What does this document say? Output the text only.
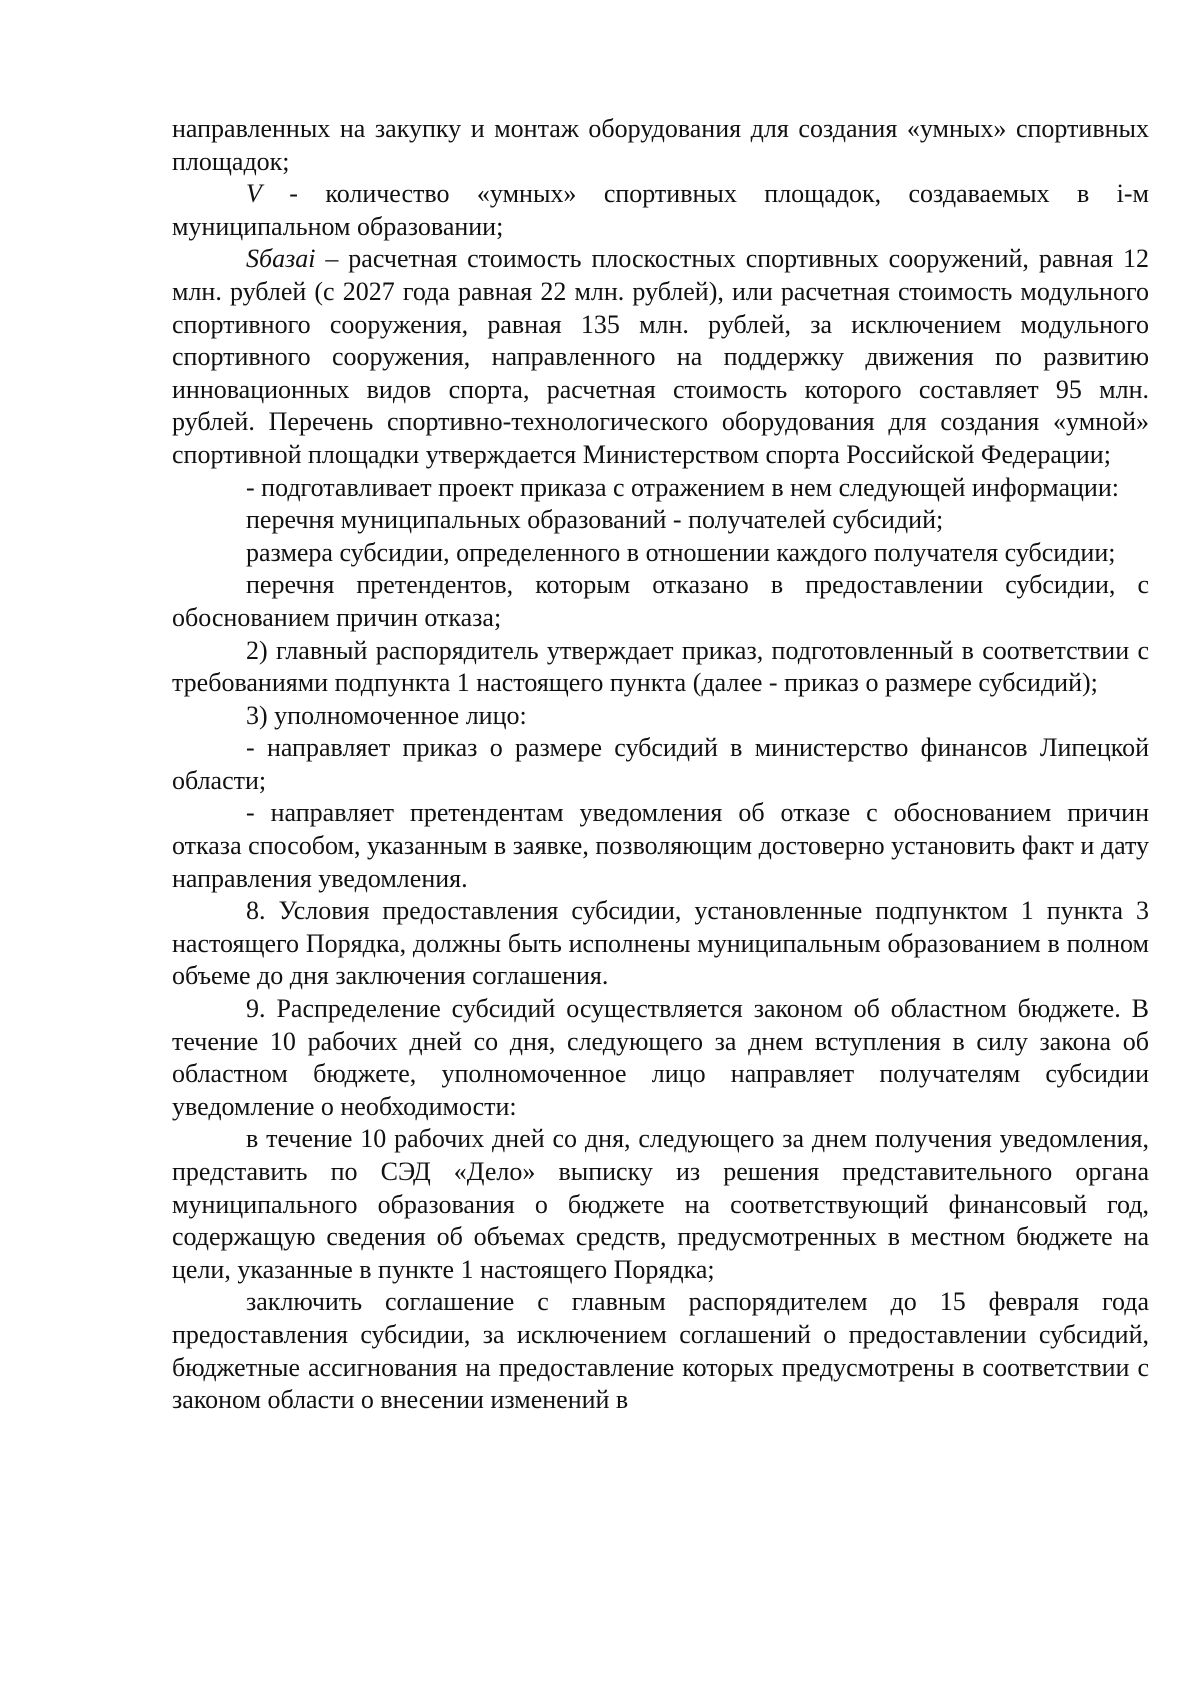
направленных на закупку и монтаж оборудования для создания «умных» спортивных площадок;

V - количество «умных» спортивных площадок, создаваемых в i-м муниципальном образовании;

Sбазаi – расчетная стоимость плоскостных спортивных сооружений, равная 12 млн. рублей (с 2027 года равная 22 млн. рублей), или расчетная стоимость модульного спортивного сооружения, равная 135 млн. рублей, за исключением модульного спортивного сооружения, направленного на поддержку движения по развитию инновационных видов спорта, расчетная стоимость которого составляет 95 млн. рублей. Перечень спортивно-технологического оборудования для создания «умной» спортивной площадки утверждается Министерством спорта Российской Федерации;

- подготавливает проект приказа с отражением в нем следующей информации:

перечня муниципальных образований - получателей субсидий;

размера субсидии, определенного в отношении каждого получателя субсидии;

перечня претендентов, которым отказано в предоставлении субсидии, с обоснованием причин отказа;

2) главный распорядитель утверждает приказ, подготовленный в соответствии с требованиями подпункта 1 настоящего пункта (далее - приказ о размере субсидий);

3) уполномоченное лицо:

- направляет приказ о размере субсидий в министерство финансов Липецкой области;

- направляет претендентам уведомления об отказе с обоснованием причин отказа способом, указанным в заявке, позволяющим достоверно установить факт и дату направления уведомления.

8. Условия предоставления субсидии, установленные подпунктом 1 пункта 3 настоящего Порядка, должны быть исполнены муниципальным образованием в полном объеме до дня заключения соглашения.

9. Распределение субсидий осуществляется законом об областном бюджете. В течение 10 рабочих дней со дня, следующего за днем вступления в силу закона об областном бюджете, уполномоченное лицо направляет получателям субсидии уведомление о необходимости:

в течение 10 рабочих дней со дня, следующего за днем получения уведомления, представить по СЭД «Дело» выписку из решения представительного органа муниципального образования о бюджете на соответствующий финансовый год, содержащую сведения об объемах средств, предусмотренных в местном бюджете на цели, указанные в пункте 1 настоящего Порядка;

заключить соглашение с главным распорядителем до 15 февраля года предоставления субсидии, за исключением соглашений о предоставлении субсидий, бюджетные ассигнования на предоставление которых предусмотрены в соответствии с законом области о внесении изменений в
